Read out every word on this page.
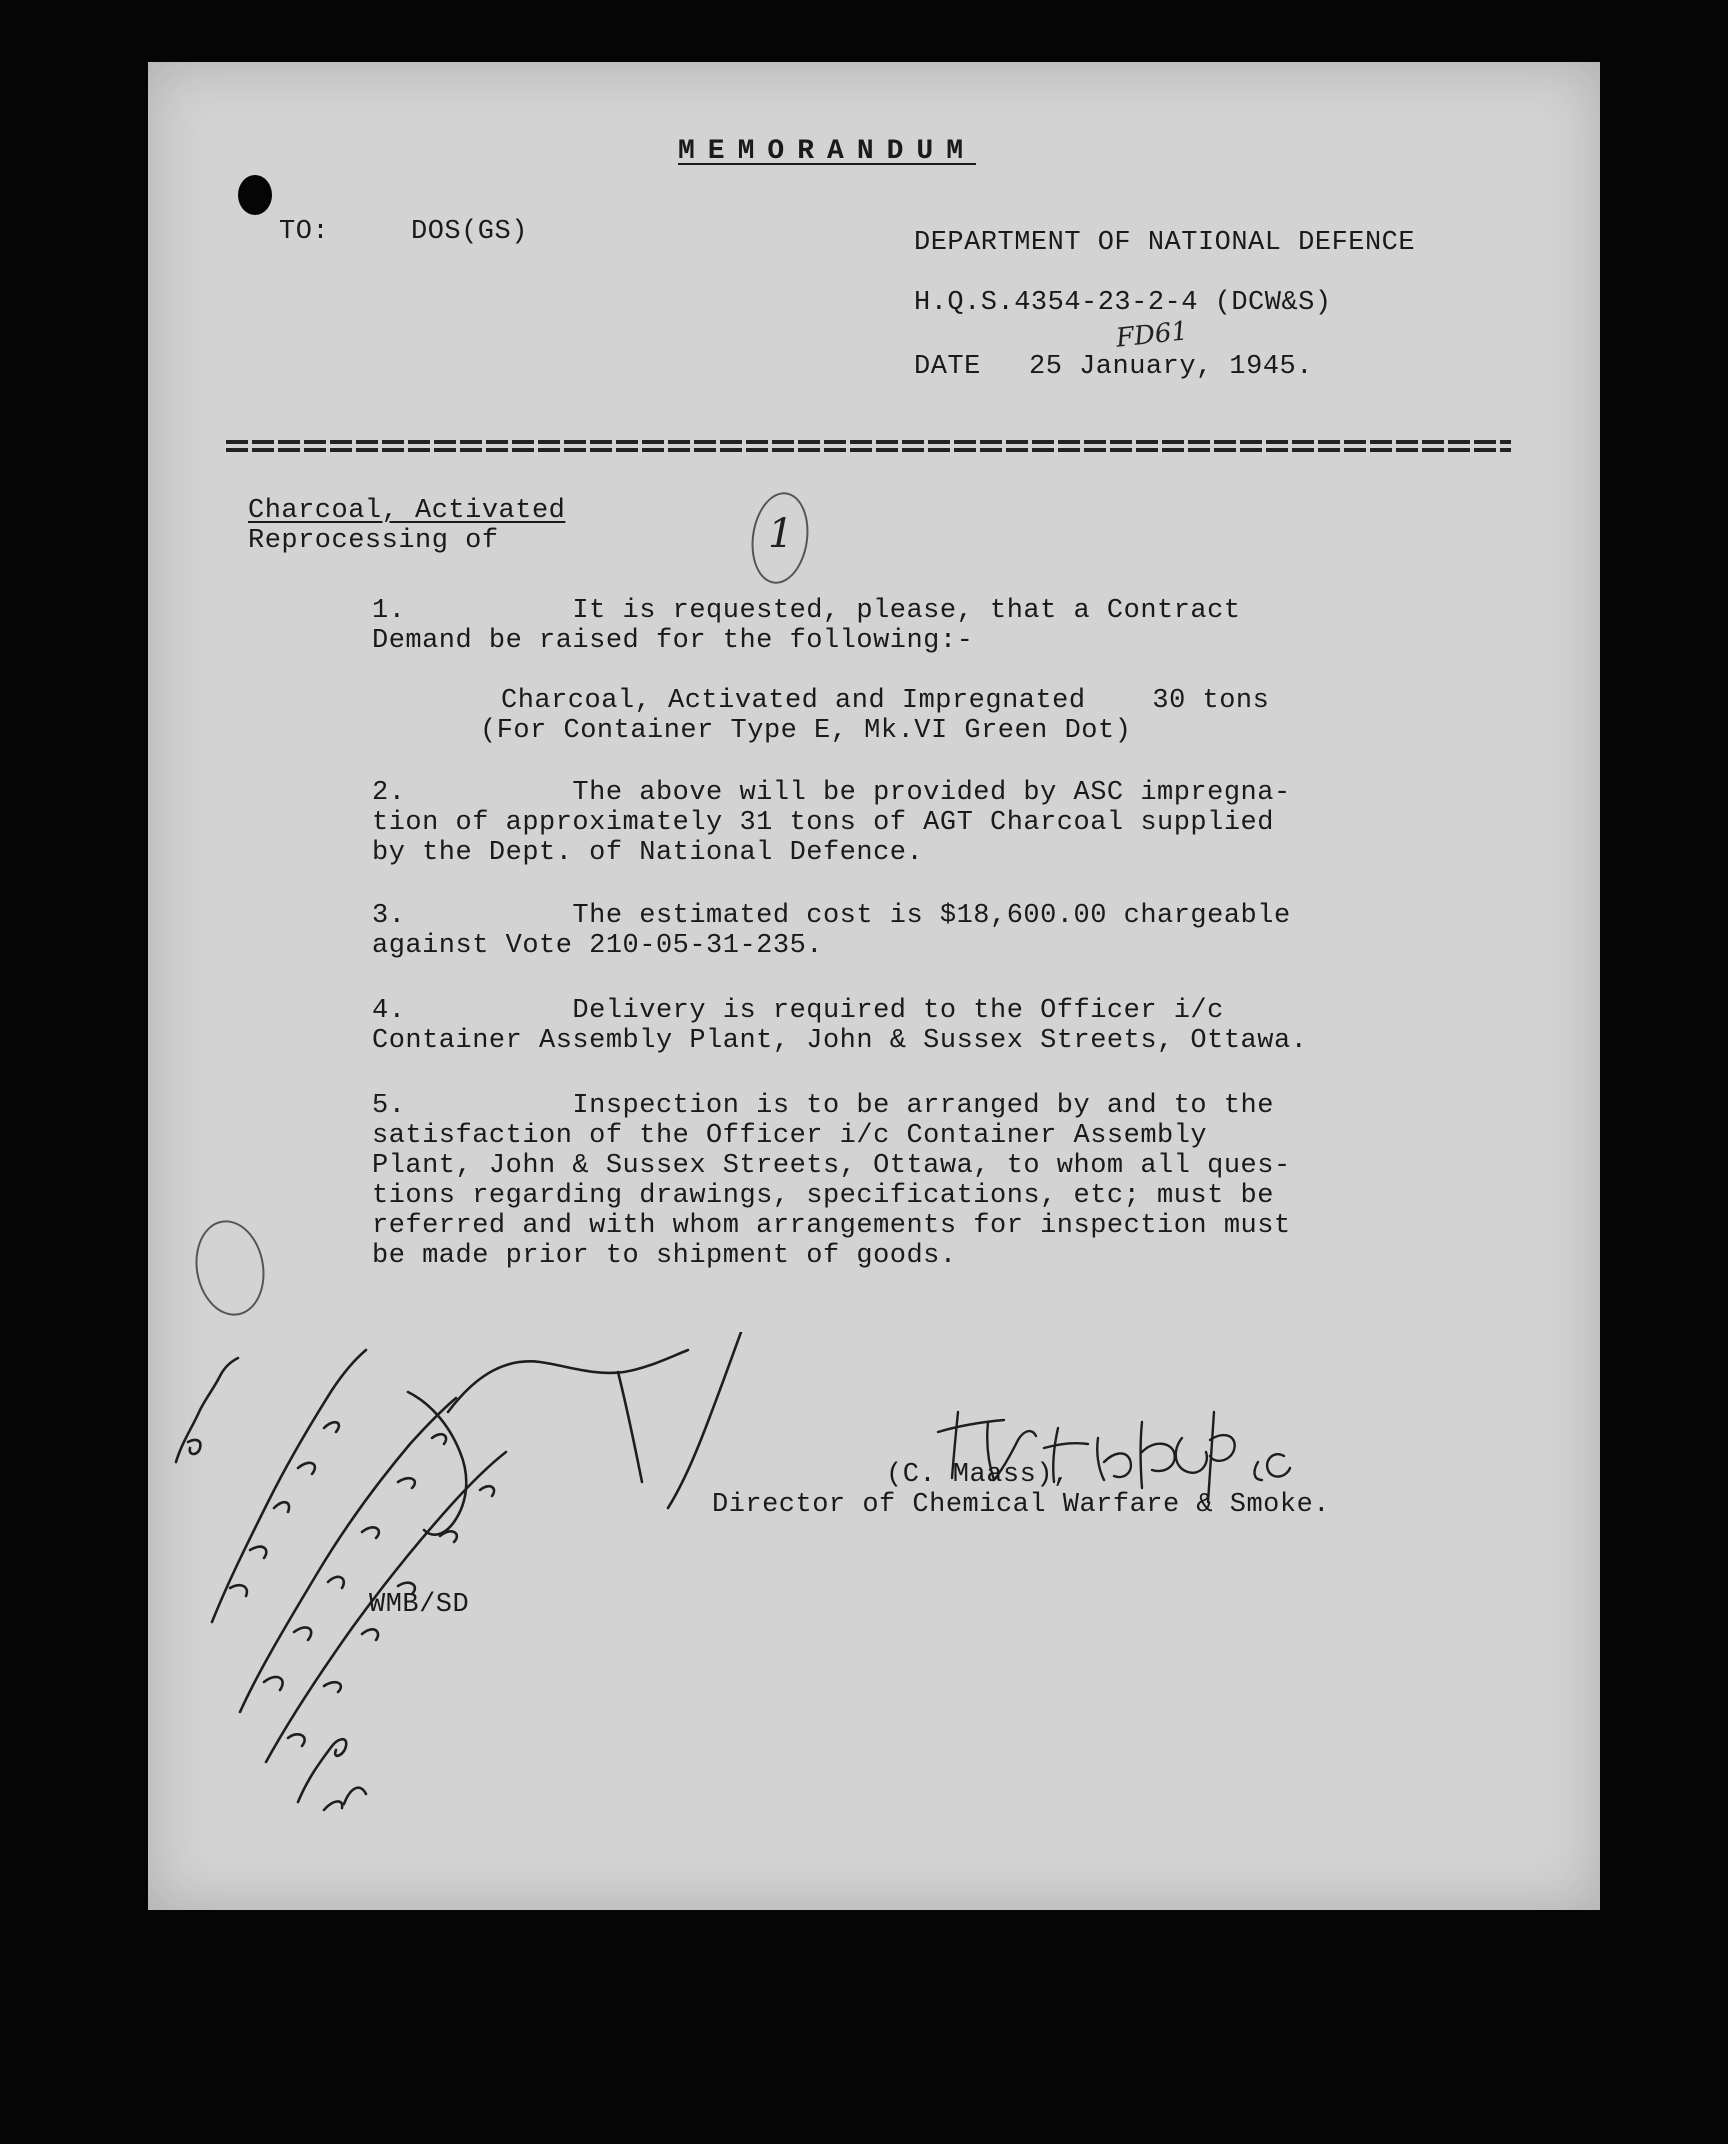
MEMORANDUM
TO:	DOS(GS)	DEPARTMENT OF NATIONAL DEFENCE
H.Q.S.4354-23-2-4 (DCW&S)
FD61
DATE 25 January, 1945.
Charcoal, Activated
Reprocessing of	1
1.          It is requested, please, that a Contract
Demand be raised for the following:-
Charcoal, Activated and Impregnated    30 tons
(For Container Type E, Mk.VI Green Dot)
2.          The above will be provided by ASC impregna-
tion of approximately 31 tons of AGT Charcoal supplied
by the Dept. of National Defence.
3.          The estimated cost is $18,600.00 chargeable
against Vote 210-05-31-235.
4.          Delivery is required to the Officer i/c
Container Assembly Plant, John & Sussex Streets, Ottawa.
5.          Inspection is to be arranged by and to the
satisfaction of the Officer i/c Container Assembly
Plant, John & Sussex Streets, Ottawa, to whom all ques-
tions regarding drawings, specifications, etc; must be
referred and with whom arrangements for inspection must
be made prior to shipment of goods.
(C. Maass),
Director of Chemical Warfare & Smoke.
WMB/SD
